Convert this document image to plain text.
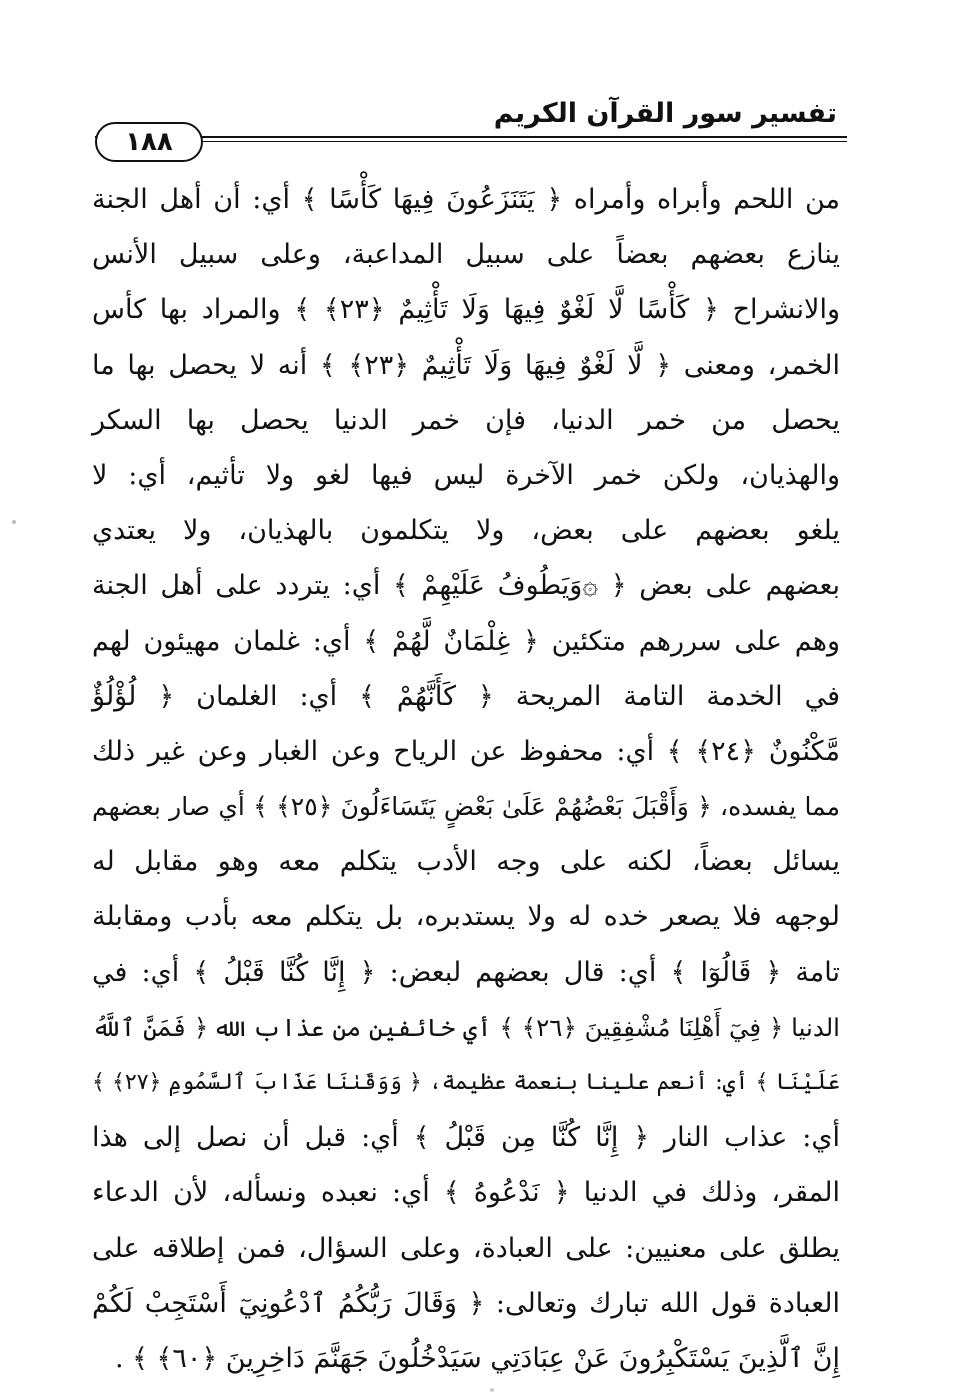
تفسير سور القرآن الكريم
١٨٨
من اللحم وأبراه وأمراه ﴿ يَتَنَزَعُونَ فِيهَا كَأْسًا ﴾ أي: أن أهل الجنة
ينازع بعضهم بعضاً على سبيل المداعبة، وعلى سبيل الأنس
والانشراح ﴿ كَأْسًا لَّا لَغْوٌ فِيهَا وَلَا تَأْثِيمٌ ﴿٢٣﴾ ﴾ والمراد بها كأس
الخمر، ومعنى ﴿ لَّا لَغْوٌ فِيهَا وَلَا تَأْثِيمٌ ﴿٢٣﴾ ﴾ أنه لا يحصل بها ما
يحصل من خمر الدنيا، فإن خمر الدنيا يحصل بها السكر
والهذيان، ولكن خمر الآخرة ليس فيها لغو ولا تأثيم، أي: لا
يلغو بعضهم على بعض، ولا يتكلمون بالهذيان، ولا يعتدي
بعضهم على بعض ﴿ ۞وَيَطُوفُ عَلَيْهِمْ ﴾ أي: يتردد على أهل الجنة
وهم على سررهم متكئين ﴿ غِلْمَانٌ لَّهُمْ ﴾ أي: غلمان مهيئون لهم
في الخدمة التامة المريحة ﴿ كَأَنَّهُمْ ﴾ أي: الغلمان ﴿ لُؤْلُؤٌ
مَّكْنُونٌ ﴿٢٤﴾ ﴾ أي: محفوظ عن الرياح وعن الغبار وعن غير ذلك
مما يفسده، ﴿ وَأَقْبَلَ بَعْضُهُمْ عَلَىٰ بَعْضٍ يَتَسَاءَلُونَ ﴿٢٥﴾ ﴾ أي صار بعضهم
يسائل بعضاً، لكنه على وجه الأدب يتكلم معه وهو مقابل له
لوجهه فلا يصعر خده له ولا يستدبره، بل يتكلم معه بأدب ومقابلة
تامة ﴿ قَالُوٓا ﴾ أي: قال بعضهم لبعض: ﴿ إِنَّا كُنَّا قَبْلُ ﴾ أي: في
الدنيا ﴿ فِيٓ أَهْلِنَا مُشْفِقِينَ ﴿٢٦﴾ ﴾ أي خائفين من عذاب الله ﴿ فَمَنَّ ٱللَّهُ
عَلَيْنَا ﴾ أي: أنعم علينا بنعمة عظيمة، ﴿ وَوَقَىٰنَا عَذَابَ ٱلسَّمُومِ ﴿٢٧﴾ ﴾
أي: عذاب النار ﴿ إِنَّا كُنَّا مِن قَبْلُ ﴾ أي: قبل أن نصل إلى هذا
المقر، وذلك في الدنيا ﴿ نَدْعُوهُ ﴾ أي: نعبده ونسأله، لأن الدعاء
يطلق على معنيين: على العبادة، وعلى السؤال، فمن إطلاقه على
العبادة قول الله تبارك وتعالى: ﴿ وَقَالَ رَبُّكُمُ ٱدْعُونِيٓ أَسْتَجِبْ لَكُمْ
إِنَّ ٱلَّذِينَ يَسْتَكْبِرُونَ عَنْ عِبَادَتِي سَيَدْخُلُونَ جَهَنَّمَ دَاخِرِينَ ﴿٦٠﴾ ﴾ .
